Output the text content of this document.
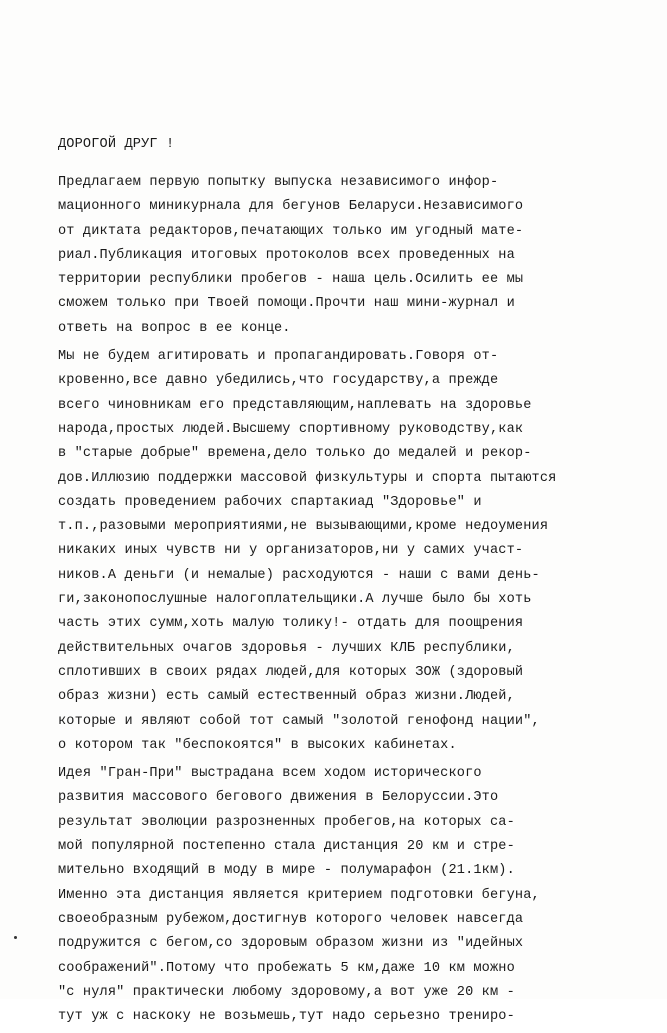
ДОРОГОЙ ДРУГ !
Предлагаем первую попытку выпуска независимого инфор-
мационного миникурнала для бегунов Беларуси.Независимого
от диктата редакторов,печатающих только им угодный мате-
риал.Публикация итоговых протоколов всех проведенных на
территории республики пробегов - наша цель.Осилить ее мы
сможем только при Твоей помощи.Прочти наш мини-журнал и
ответь на вопрос в ее конце.
Мы не будем агитировать и пропагандировать.Говоря от-
кровенно,все давно убедились,что государству,а прежде
всего чиновникам его представляющим,наплевать на здоровье
народа,простых людей.Высшему спортивному руководству,как
в "старые добрые" времена,дело только до медалей и рекор-
дов.Иллюзию поддержки массовой физкультуры и спорта пытаются
создать проведением рабочих спартакиад "Здоровье" и
т.п.,разовыми мероприятиями,не вызывающими,кроме недоумения
никаких иных чувств ни у организаторов,ни у самих участ-
ников.А деньги (и немалые) расходуются - наши с вами день-
ги,законопослушные налогоплательщики.А лучше было бы хоть
часть этих сумм,хоть малую толику!- отдать для поощрения
действительных очагов здоровья - лучших КЛБ республики,
сплотивших в своих рядах людей,для которых ЗОЖ (здоровый
образ жизни) есть самый естественный образ жизни.Людей,
которые и являют собой тот самый "золотой генофонд нации",
о котором так "беспокоятся" в высоких кабинетах.
Идея "Гран-При" выстрадана всем ходом исторического
развития массового бегового движения в Белоруссии.Это
результат эволюции разрозненных пробегов,на которых са-
мой популярной постепенно стала дистанция 20 км и стре-
мительно входящий в моду в мире - полумарафон (21.1км).
Именно эта дистанция является критерием подготовки бегуна,
своеобразным рубежом,достигнув которого человек навсегда
подружится с бегом,со здоровым образом жизни из "идейных
соображений".Потому что пробежать 5 км,даже 10 км можно
"с нуля" практически любому здоровому,а вот уже 20 км -
тут уж с наскоку не возьмешь,тут надо серьезно трениро-
